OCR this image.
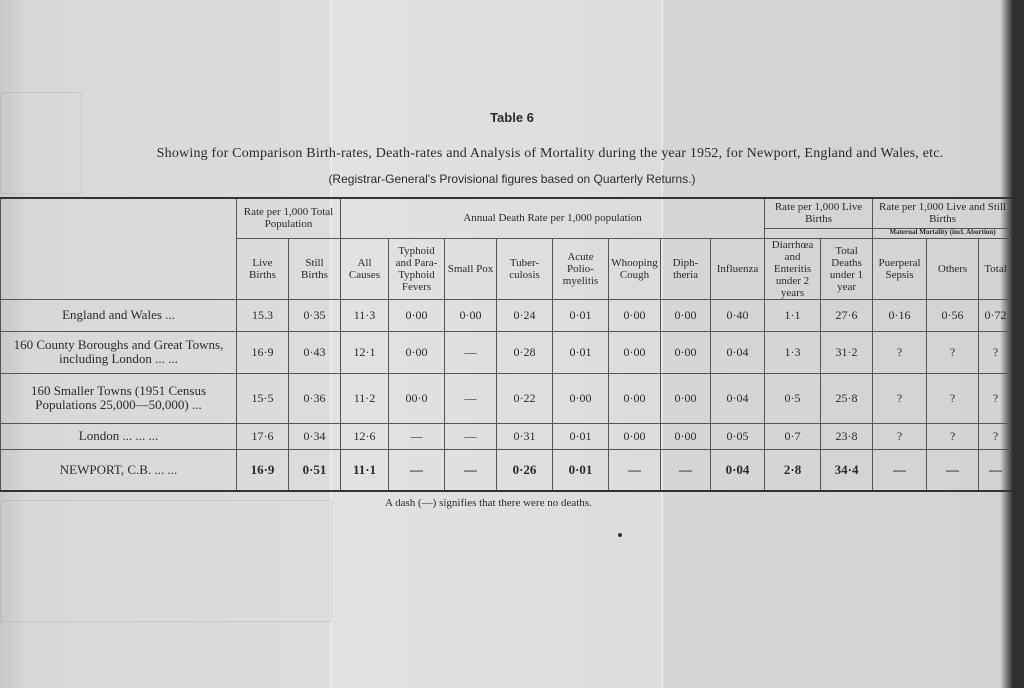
Table 6
Showing for Comparison Birth-rates, Death-rates and Analysis of Mortality during the year 1952, for Newport, England and Wales, etc.
(Registrar-General's Provisional figures based on Quarterly Returns.)
	Rate per 1,000 Total Population		Annual Death Rate per 1,000 population								Rate per 1,000 Live Births		Rate per 1,000 Live and Still Births		
													Maternal Mortality (incl. Abortion)		
	Live Births	Still Births	All Causes	Typhoid and Para-Typhoid Fevers	Small Pox	Tuber-culosis	Acute Polio-myelitis	Whooping Cough	Diph-theria	Influenza	Diarrhœa and Enteritis under 2 years	Total Deaths under 1 year	Puerperal Sepsis	Others	Total
England and Wales ...	15.3	0·35	11·3	0·00	0·00	0·24	0·01	0·00	0·00	0·40	1·1	27·6	0·16	0·56	0·72
160 County Boroughs and Great Towns, including London ... ...	16·9	0·43	12·1	0·00	—	0·28	0·01	0·00	0·00	0·04	1·3	31·2	?	?	?
160 Smaller Towns (1951 Census Populations 25,000—50,000) ...	15·5	0·36	11·2	00·0	—	0·22	0·00	0·00	0·00	0·04	0·5	25·8	?	?	?
London ... ... ...	17·6	0·34	12·6	—	—	0·31	0·01	0·00	0·00	0·05	0·7	23·8	?	?	?
NEWPORT, C.B. ... ...	16·9	0·51	11·1	—	—	0·26	0·01	—	—	0·04	2·8	34·4	—	—	—
A dash (—) signifies that there were no deaths.
